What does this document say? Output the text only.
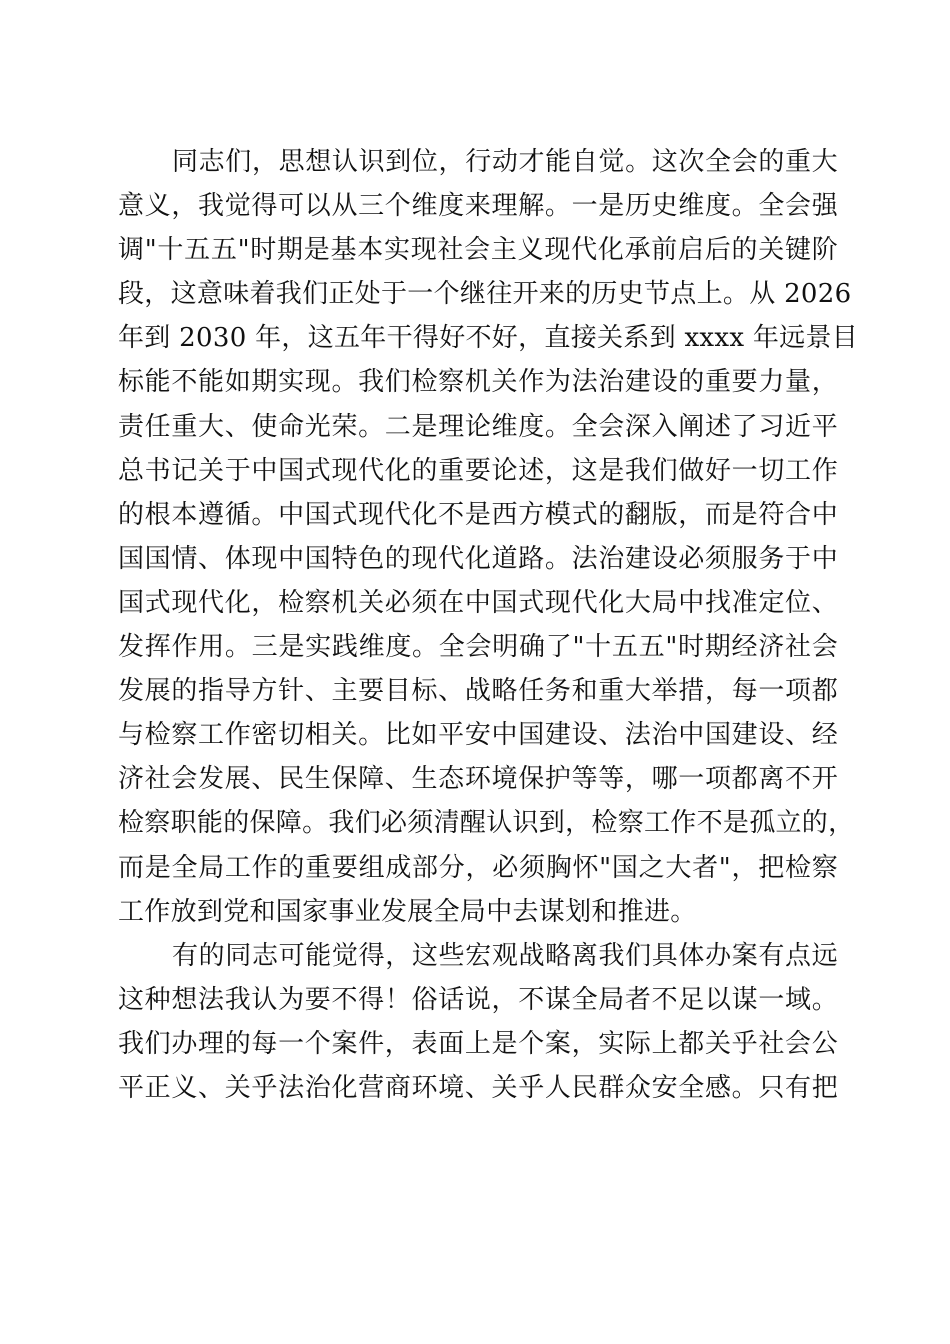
同志们，思想认识到位，行动才能自觉。这次全会的重大
意义，我觉得可以从三个维度来理解。一是历史维度。全会强
调"十五五"时期是基本实现社会主义现代化承前启后的关键阶
段，这意味着我们正处于一个继往开来的历史节点上。从 2026
年到 2030 年，这五年干得好不好，直接关系到 xxxx 年远景目
标能不能如期实现。我们检察机关作为法治建设的重要力量，
责任重大、使命光荣。二是理论维度。全会深入阐述了习近平
总书记关于中国式现代化的重要论述，这是我们做好一切工作
的根本遵循。中国式现代化不是西方模式的翻版，而是符合中
国国情、体现中国特色的现代化道路。法治建设必须服务于中
国式现代化，检察机关必须在中国式现代化大局中找准定位、
发挥作用。三是实践维度。全会明确了"十五五"时期经济社会
发展的指导方针、主要目标、战略任务和重大举措，每一项都
与检察工作密切相关。比如平安中国建设、法治中国建设、经
济社会发展、民生保障、生态环境保护等等，哪一项都离不开
检察职能的保障。我们必须清醒认识到，检察工作不是孤立的，
而是全局工作的重要组成部分，必须胸怀"国之大者"，把检察
工作放到党和国家事业发展全局中去谋划和推进。
有的同志可能觉得，这些宏观战略离我们具体办案有点远
这种想法我认为要不得！俗话说，不谋全局者不足以谋一域。
我们办理的每一个案件，表面上是个案，实际上都关乎社会公
平正义、关乎法治化营商环境、关乎人民群众安全感。只有把
